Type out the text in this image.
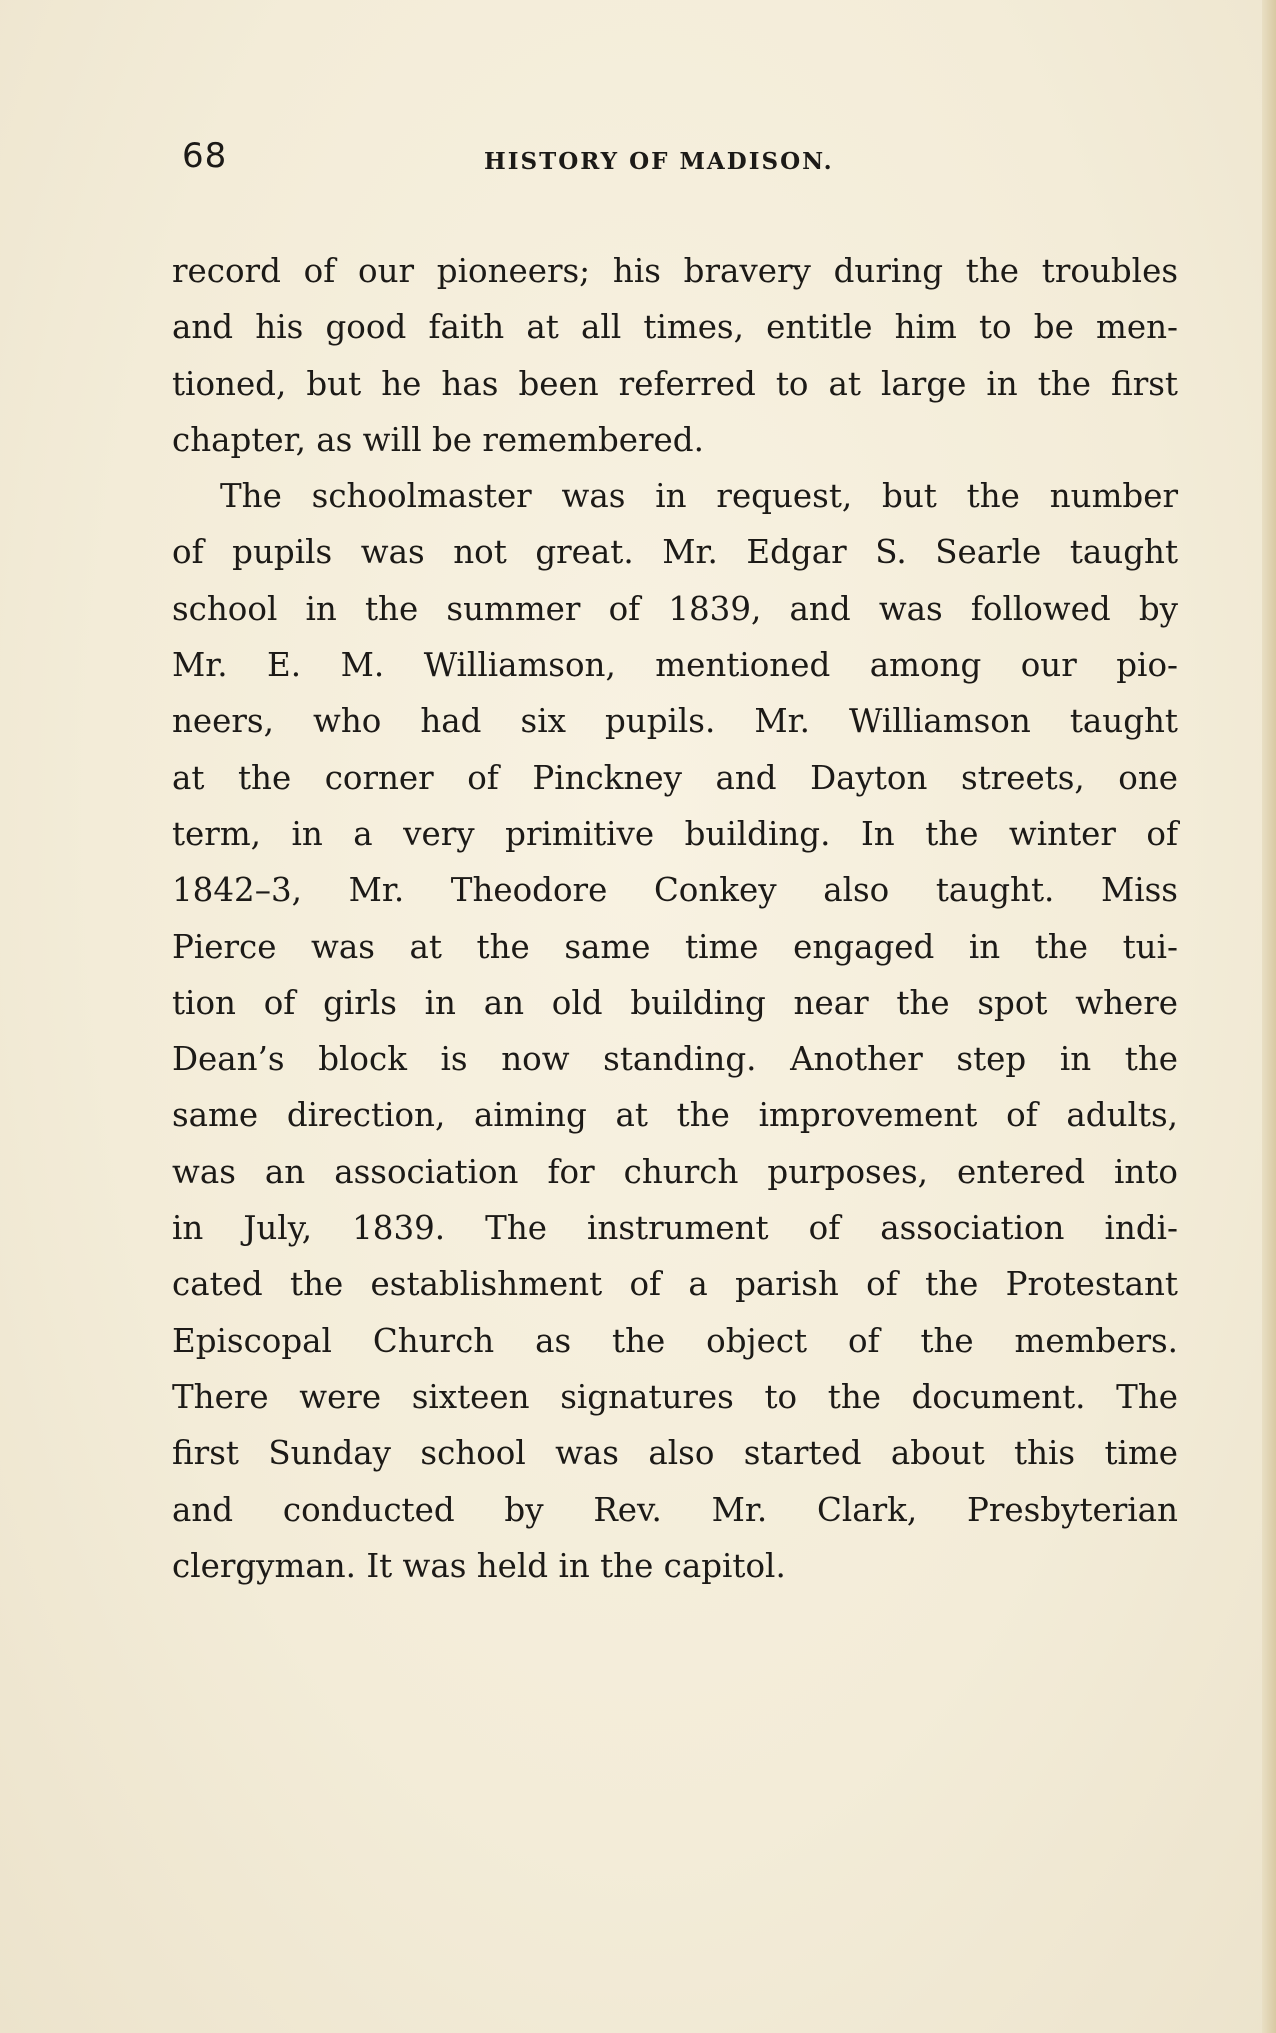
68	HISTORY OF MADISON.
record of our pioneers; his bravery during the troubles
and his good faith at all times, entitle him to be men-
tioned, but he has been referred to at large in the first
chapter, as will be remembered.
The schoolmaster was in request, but the number
of pupils was not great. Mr. Edgar S. Searle taught
school in the summer of 1839, and was followed by
Mr. E. M. Williamson, mentioned among our pio-
neers, who had six pupils. Mr. Williamson taught
at the corner of Pinckney and Dayton streets, one
term, in a very primitive building. In the winter of
1842–3, Mr. Theodore Conkey also taught. Miss
Pierce was at the same time engaged in the tui-
tion of girls in an old building near the spot where
Dean’s block is now standing. Another step in the
same direction, aiming at the improvement of adults,
was an association for church purposes, entered into
in July, 1839. The instrument of association indi-
cated the establishment of a parish of the Protestant
Episcopal Church as the object of the members.
There were sixteen signatures to the document. The
first Sunday school was also started about this time
and conducted by Rev. Mr. Clark, Presbyterian
clergyman. It was held in the capitol.
